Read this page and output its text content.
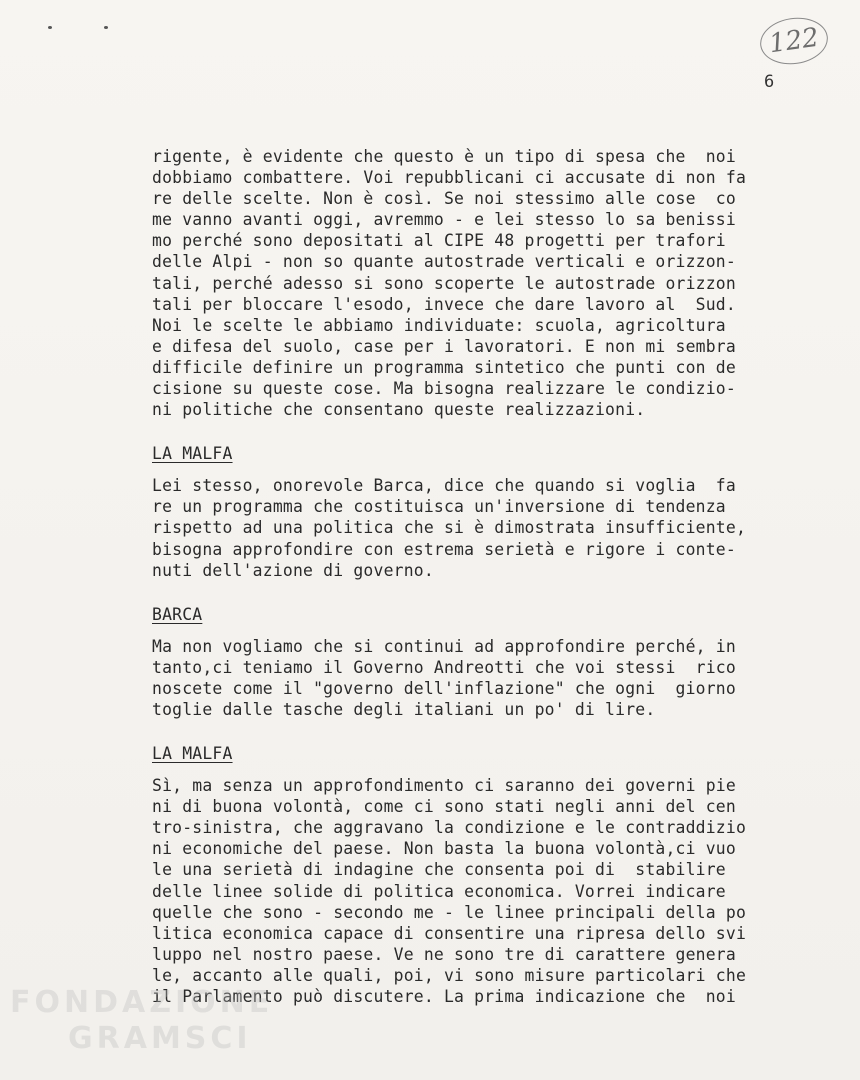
122
6
rigente, è evidente che questo è un tipo di spesa che  noi
dobbiamo combattere. Voi repubblicani ci accusate di non fa
re delle scelte. Non è così. Se noi stessimo alle cose  co
me vanno avanti oggi, avremmo - e lei stesso lo sa benissi
mo perché sono depositati al CIPE 48 progetti per trafori
delle Alpi - non so quante autostrade verticali e orizzon-
tali, perché adesso si sono scoperte le autostrade orizzon
tali per bloccare l'esodo, invece che dare lavoro al  Sud.
Noi le scelte le abbiamo individuate: scuola, agricoltura
e difesa del suolo, case per i lavoratori. E non mi sembra
difficile definire un programma sintetico che punti con de
cisione su queste cose. Ma bisogna realizzare le condizio-
ni politiche che consentano queste realizzazioni.
LA MALFA
Lei stesso, onorevole Barca, dice che quando si voglia  fa
re un programma che costituisca un'inversione di tendenza
rispetto ad una politica che si è dimostrata insufficiente,
bisogna approfondire con estrema serietà e rigore i conte-
nuti dell'azione di governo.
BARCA
Ma non vogliamo che si continui ad approfondire perché, in
tanto,ci teniamo il Governo Andreotti che voi stessi  rico
noscete come il "governo dell'inflazione" che ogni  giorno
toglie dalle tasche degli italiani un po' di lire.
LA MALFA
Sì, ma senza un approfondimento ci saranno dei governi pie
ni di buona volontà, come ci sono stati negli anni del cen
tro-sinistra, che aggravano la condizione e le contraddizio
ni economiche del paese. Non basta la buona volontà,ci vuo
le una serietà di indagine che consenta poi di  stabilire
delle linee solide di politica economica. Vorrei indicare
quelle che sono - secondo me - le linee principali della po
litica economica capace di consentire una ripresa dello svi
luppo nel nostro paese. Ve ne sono tre di carattere genera
le, accanto alle quali, poi, vi sono misure particolari che
il Parlamento può discutere. La prima indicazione che  noi
FONDAZIONE
GRAMSCI
